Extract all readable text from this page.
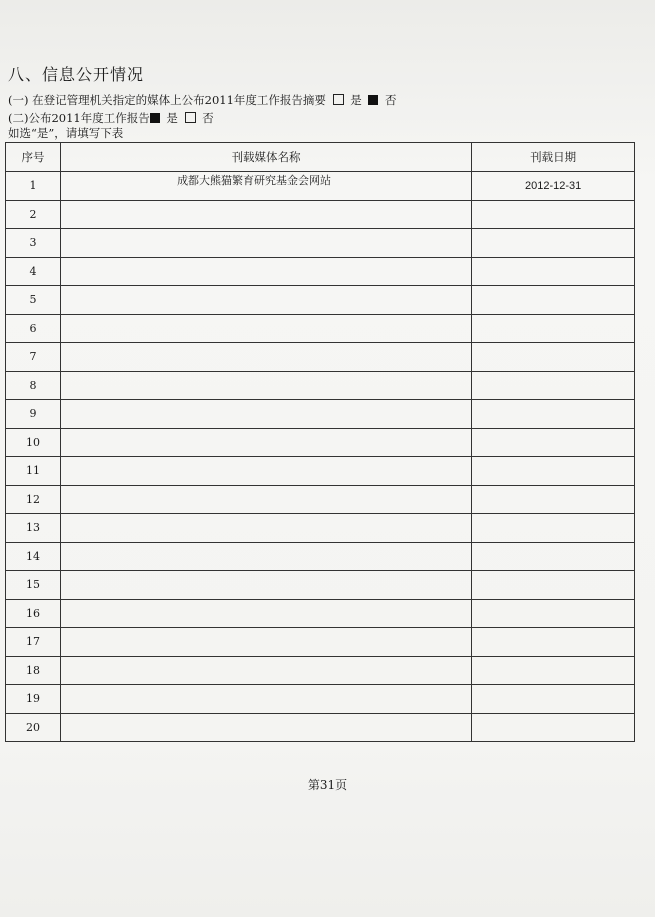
八、信息公开情况
(一) 在登记管理机关指定的媒体上公布2011年度工作报告摘要 是 否
(二)公布2011年度工作报告 是 否
如选“是”，请填写下表
序号	刊载媒体名称	刊载日期
1	成都大熊猫繁育研究基金会网站	2012-12-31
2		
3		
4		
5		
6		
7		
8		
9		
10		
11		
12		
13		
14		
15		
16		
17		
18		
19		
20		
第31页
